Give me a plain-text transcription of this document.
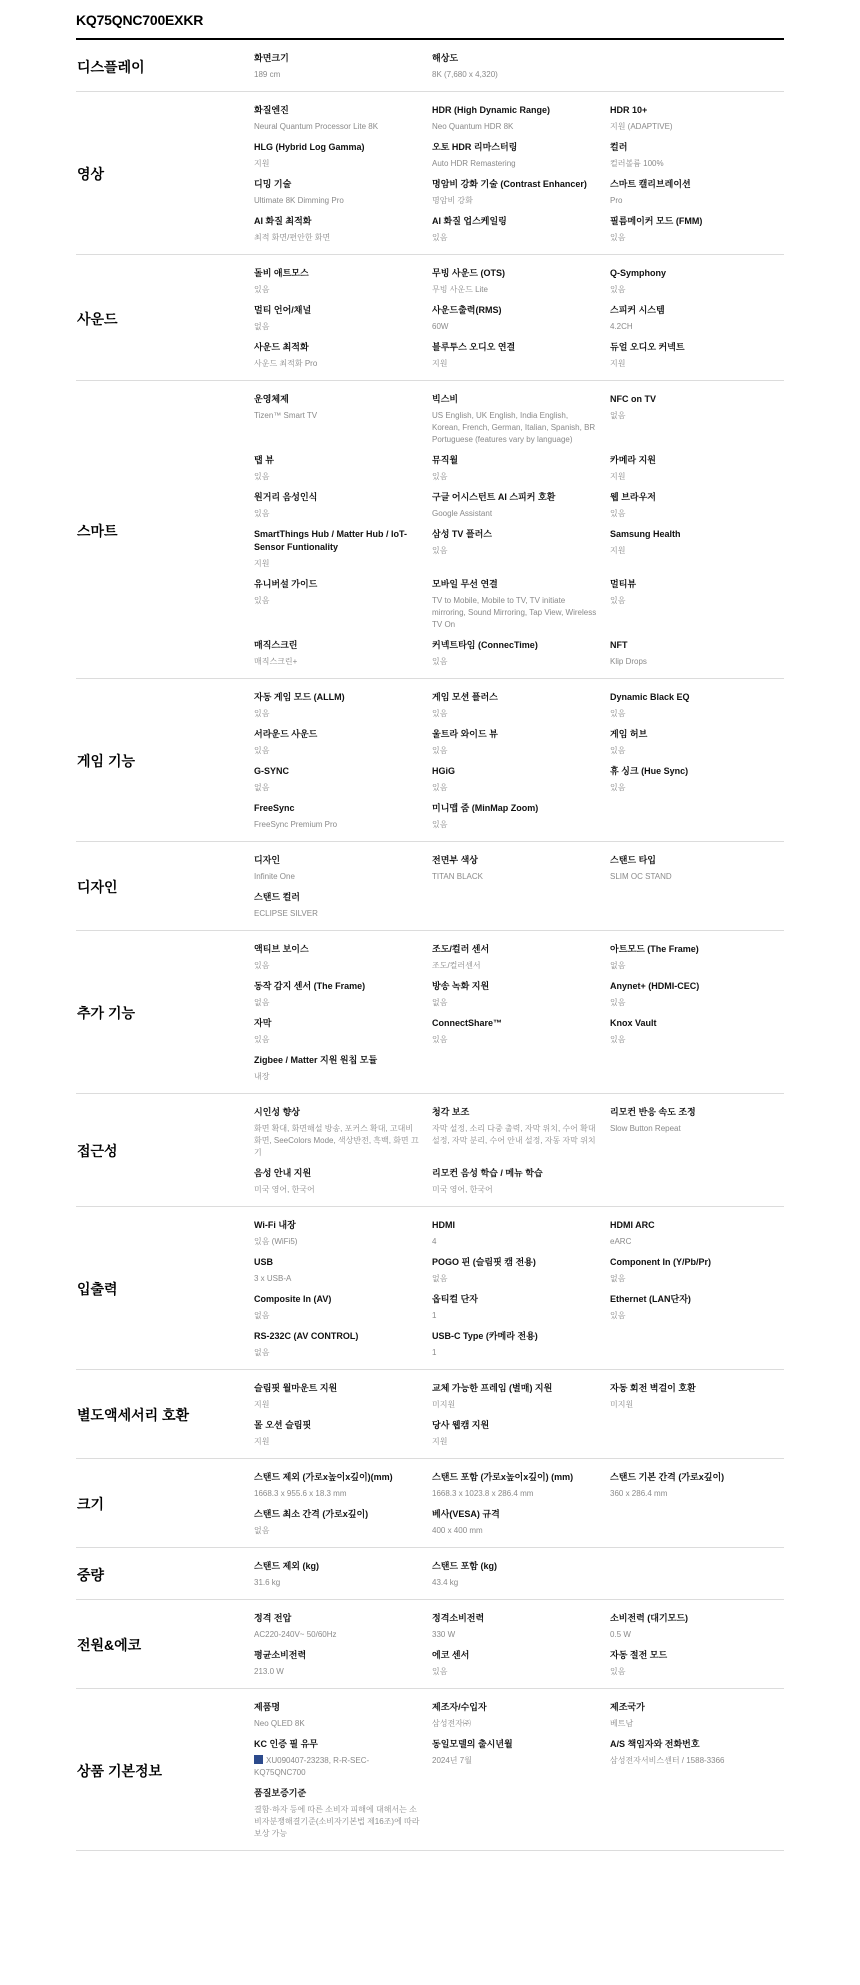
KQ75QNC700EXKR
디스플레이
화면크기
189 cm
해상도
8K (7,680 x 4,320)
영상
화질엔진
Neural Quantum Processor Lite 8K
HDR (High Dynamic Range)
Neo Quantum HDR 8K
HDR 10+
지원 (ADAPTIVE)
HLG (Hybrid Log Gamma)
지원
오토 HDR 리마스터링
Auto HDR Remastering
컬러
컬러볼륨 100%
디밍 기술
Ultimate 8K Dimming Pro
명암비 강화 기술 (Contrast Enhancer)
명암비 강화
스마트 캘리브레이션
Pro
AI 화질 최적화
최적 화면/편안한 화면
AI 화질 업스케일링
있음
필름메이커 모드 (FMM)
있음
사운드
돌비 애트모스
있음
무빙 사운드 (OTS)
무빙 사운드 Lite
Q-Symphony
있음
멀티 언어/채널
없음
사운드출력(RMS)
60W
스피커 시스템
4.2CH
사운드 최적화
사운드 최적화 Pro
블루투스 오디오 연결
지원
듀얼 오디오 커넥트
지원
스마트
운영체제
Tizen™ Smart TV
빅스비
US English, UK English, India English, Korean, French, German, Italian, Spanish, BR Portuguese (features vary by language)
NFC on TV
없음
탭 뷰
있음
뮤직월
있음
카메라 지원
지원
원거리 음성인식
있음
구글 어시스턴트 AI 스피커 호환
Google Assistant
웹 브라우저
있음
SmartThings Hub / Matter Hub / IoT-Sensor Funtionality
지원
삼성 TV 플러스
있음
Samsung Health
지원
유니버설 가이드
있음
모바일 무선 연결
TV to Mobile, Mobile to TV, TV initiate mirroring, Sound Mirroring, Tap View, Wireless TV On
멀티뷰
있음
매직스크린
매직스크린+
커넥트타임 (ConnecTime)
있음
NFT
Klip Drops
게임 기능
자동 게임 모드 (ALLM)
있음
게임 모션 플러스
있음
Dynamic Black EQ
있음
서라운드 사운드
있음
울트라 와이드 뷰
있음
게임 허브
있음
G-SYNC
없음
HGiG
있음
휴 싱크 (Hue Sync)
있음
FreeSync
FreeSync Premium Pro
미니맵 줌 (MinMap Zoom)
있음
디자인
디자인
Infinite One
전면부 색상
TITAN BLACK
스탠드 타입
SLIM OC STAND
스탠드 컬러
ECLIPSE SILVER
추가 기능
액티브 보이스
있음
조도/컬러 센서
조도/컬러센서
아트모드 (The Frame)
없음
동작 감지 센서 (The Frame)
없음
방송 녹화 지원
없음
Anynet+ (HDMI-CEC)
있음
자막
있음
ConnectShare™
있음
Knox Vault
있음
Zigbee / Matter 지원 원칩 모듈
내장
접근성
시인성 향상
화면 확대, 화면해설 방송, 포커스 확대, 고대비 화면, SeeColors Mode, 색상반전, 흑백, 화면 끄기
청각 보조
자막 설정, 소리 다중 출력, 자막 위치, 수어 확대 설정, 자막 분리, 수어 안내 설정, 자동 자막 위치
리모컨 반응 속도 조정
Slow Button Repeat
음성 안내 지원
미국 영어, 한국어
리모컨 음성 학습 / 메뉴 학습
미국 영어, 한국어
입출력
Wi-Fi 내장
있음 (WiFi5)
HDMI
4
HDMI ARC
eARC
USB
3 x USB-A
POGO 핀 (슬림핏 캠 전용)
없음
Component In (Y/Pb/Pr)
없음
Composite In (AV)
없음
옵티컬 단자
1
Ethernet (LAN단자)
있음
RS-232C (AV CONTROL)
없음
USB-C Type (카메라 전용)
1
별도액세서리 호환
슬림핏 월마운트 지원
지원
교체 가능한 프레임 (별매) 지원
미지원
자동 회전 벽걸이 호환
미지원
몰 오션 슬림핏
지원
당사 웹캠 지원
지원
크기
스탠드 제외 (가로x높이x깊이)(mm)
1668.3 x 955.6 x 18.3 mm
스탠드 포함 (가로x높이x깊이) (mm)
1668.3 x 1023.8 x 286.4 mm
스탠드 기본 간격 (가로x깊이)
360 x 286.4 mm
스탠드 최소 간격 (가로x깊이)
없음
베사(VESA) 규격
400 x 400 mm
중량
스탠드 제외 (kg)
31.6 kg
스탠드 포함 (kg)
43.4 kg
전원&에코
정격 전압
AC220-240V~ 50/60Hz
정격소비전력
330 W
소비전력 (대기모드)
0.5 W
평균소비전력
213.0 W
에코 센서
있음
자동 절전 모드
있음
상품 기본정보
제품명
Neo QLED 8K
제조자/수입자
삼성전자㈜
제조국가
베트남
KC 인증 필 유무
XU090407-23238, R-R-SEC-KQ75QNC700
동일모델의 출시년월
2024년 7월
A/S 책임자와 전화번호
삼성전자서비스센터 / 1588-3366
품질보증기준
결함·하자 등에 따른 소비자 피해에 대해서는 소비자분쟁해결기준(소비자기본법 제16조)에 따라 보상 가능
